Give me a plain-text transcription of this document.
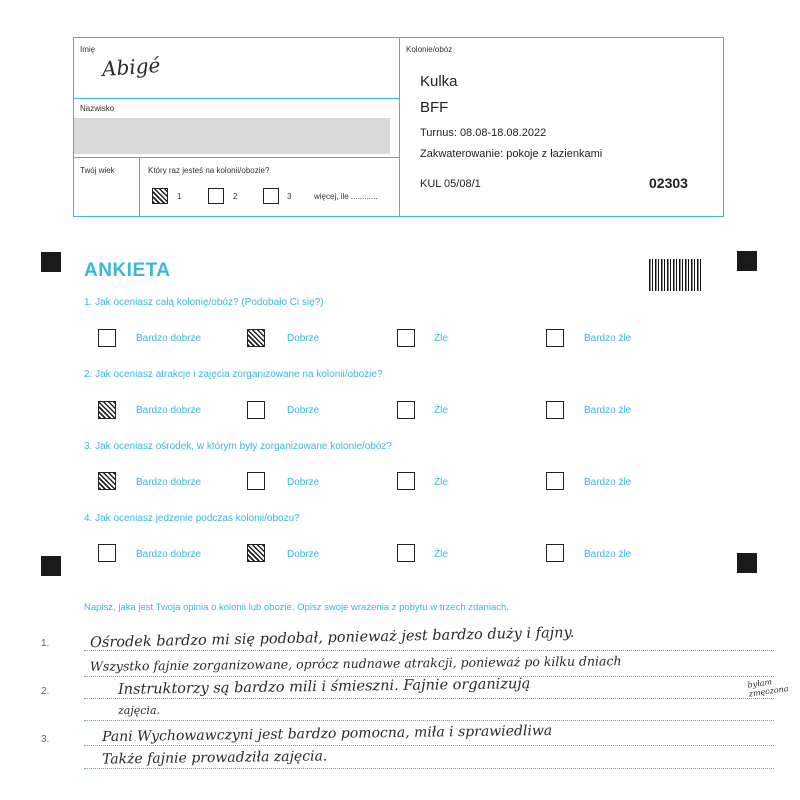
Imię
Abigé
Nazwisko
Twój wiek	Który raz jesteś na kolonii/obozie?
1	2	3	więcej, ile ............
Kolonie/obóz
Kulka
BFF
Turnus: 08.08-18.08.2022
Zakwaterowanie: pokoje z łazienkami
KUL 05/08/1	02303
ANKIETA
1. Jak oceniasz całą kolonię/obóz? (Podobało Ci się?)
Bardzo dobrze	Dobrze	Źle	Bardzo źle
2. Jak oceniasz atrakcje i zajęcia zorganizowane na kolonii/obozie?
Bardzo dobrze	Dobrze	Źle	Bardzo źle
3. Jak oceniasz ośrodek, w którym były zorganizowane kolonie/obóz?
Bardzo dobrze	Dobrze	Źle	Bardzo źle
4. Jak oceniasz jedzenie podczas kolonii/obozu?
Bardzo dobrze	Dobrze	Źle	Bardzo źle
Napisz, jaka jest Twoja opinia o kolonii lub obozie. Opisz swoje wrażenia z pobytu w trzech zdaniach.
1.
2.
3.
Ośrodek bardzo mi się podobał, ponieważ jest bardzo duży i fajny.
Wszystko fajnie zorganizowane, oprócz nudnawe atrakcji, ponieważ po kilku dniach
Instruktorzy są bardzo mili i śmieszni. Fajnie organizują	byłam zmęczona
zajęcia.
Pani Wychowawczyni jest bardzo pomocna, miła i sprawiedliwa
Także fajnie prowadziła zajęcia.
